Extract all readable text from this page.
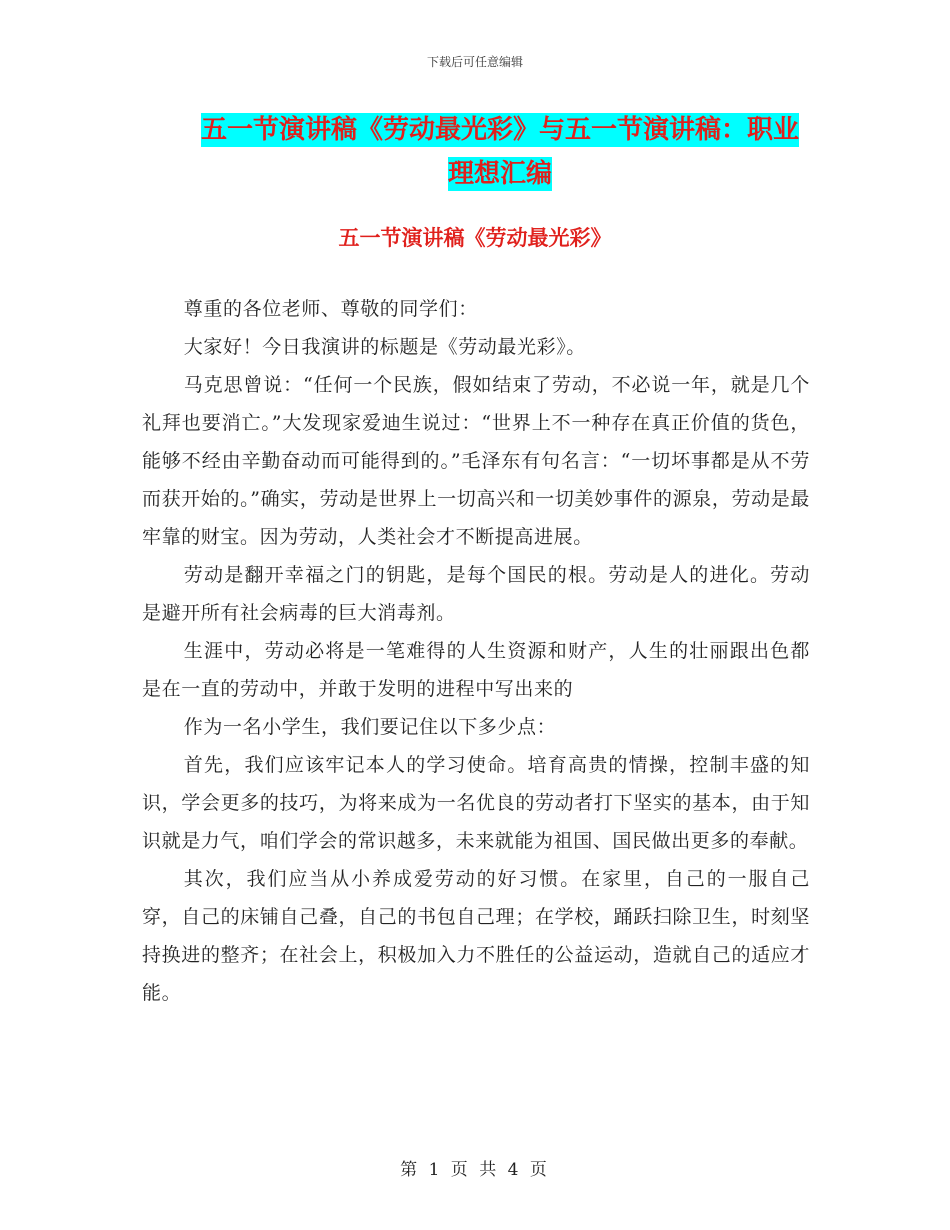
下载后可任意编辑
五一节演讲稿《劳动最光彩》与五一节演讲稿：职业
理想汇编
五一节演讲稿《劳动最光彩》

尊重的各位老师、尊敬的同学们：

大家好！今日我演讲的标题是《劳动最光彩》。

马克思曾说：“任何一个民族，假如结束了劳动，不必说一年，就是几个礼拜也要消亡。”大发现家爱迪生说过：“世界上不一种存在真正价值的货色，能够不经由辛勤奋动而可能得到的。”毛泽东有句名言：“一切坏事都是从不劳而获开始的。”确实，劳动是世界上一切高兴和一切美妙事件的源泉，劳动是最牢靠的财宝。因为劳动，人类社会才不断提高进展。

劳动是翻开幸福之门的钥匙，是每个国民的根。劳动是人的进化。劳动是避开所有社会病毒的巨大消毒剂。

生涯中，劳动必将是一笔难得的人生资源和财产，人生的壮丽跟出色都是在一直的劳动中，并敢于发明的进程中写出来的

作为一名小学生，我们要记住以下多少点：

首先，我们应该牢记本人的学习使命。培育高贵的情操，控制丰盛的知识，学会更多的技巧，为将来成为一名优良的劳动者打下坚实的基本，由于知识就是力气，咱们学会的常识越多，未来就能为祖国、国民做出更多的奉献。

其次，我们应当从小养成爱劳动的好习惯。在家里，自己的一服自己穿，自己的床铺自己叠，自己的书包自己理；在学校，踊跃扫除卫生，时刻坚持换进的整齐；在社会上，积极加入力不胜任的公益运动，造就自己的适应才能。

第 1 页 共 4 页
